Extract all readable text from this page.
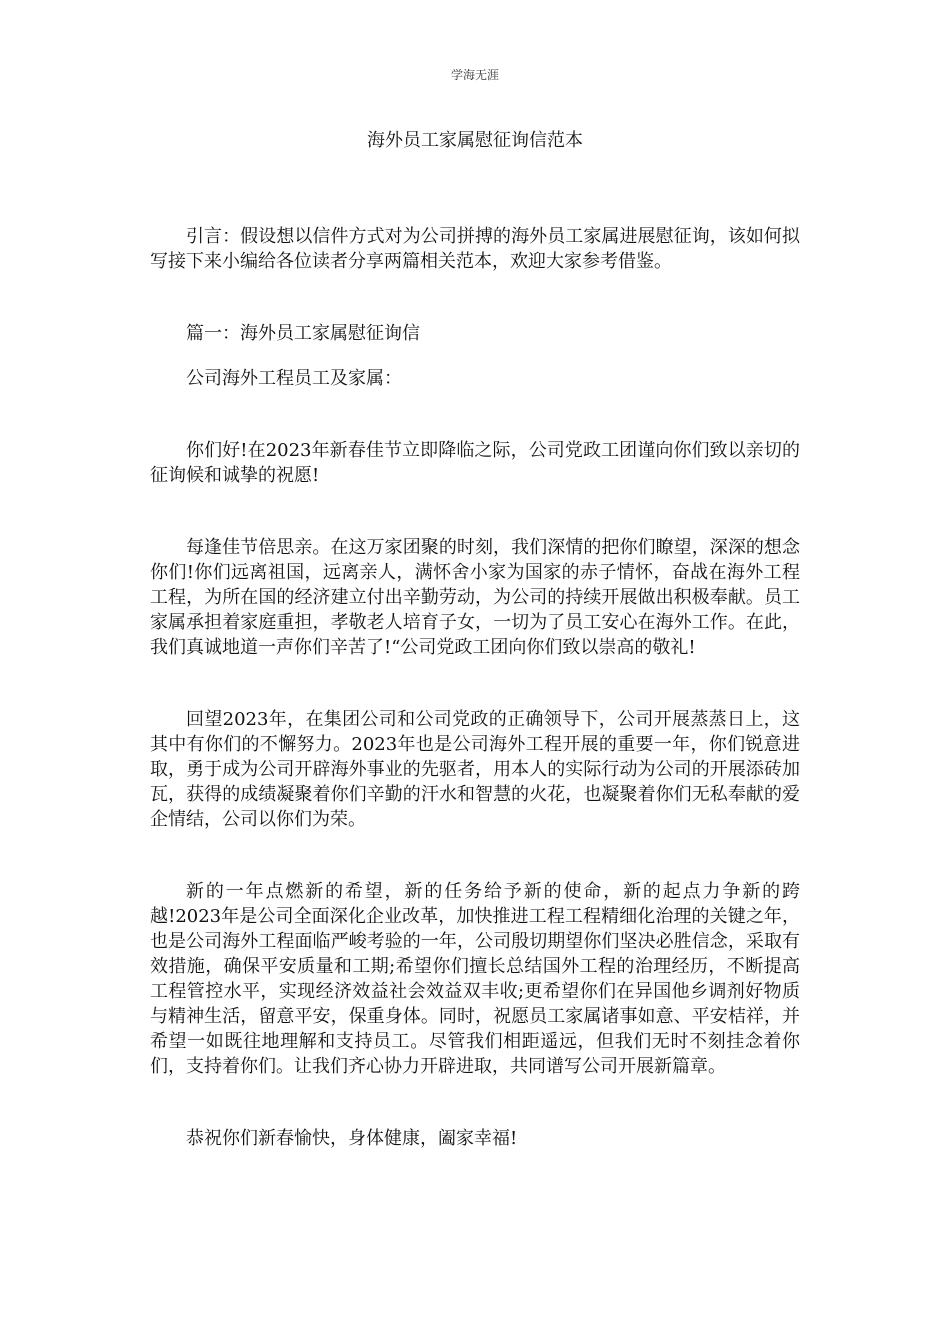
学海无涯
海外员工家属慰征询信范本

引言：假设想以信件方式对为公司拼搏的海外员工家属进展慰征询，该如何拟写接下来小编给各位读者分享两篇相关范本，欢迎大家参考借鉴。

篇一：海外员工家属慰征询信

公司海外工程员工及家属：

你们好!在2023年新春佳节立即降临之际，公司党政工团谨向你们致以亲切的征询候和诚挚的祝愿!

每逢佳节倍思亲。在这万家团聚的时刻，我们深情的把你们瞭望，深深的想念你们!你们远离祖国，远离亲人，满怀舍小家为国家的赤子情怀，奋战在海外工程工程，为所在国的经济建立付出辛勤劳动，为公司的持续开展做出积极奉献。员工家属承担着家庭重担，孝敬老人培育子女，一切为了员工安心在海外工作。在此，我们真诚地道一声你们辛苦了!“公司党政工团向你们致以崇高的敬礼!

回望2023年，在集团公司和公司党政的正确领导下，公司开展蒸蒸日上，这其中有你们的不懈努力。2023年也是公司海外工程开展的重要一年，你们锐意进取，勇于成为公司开辟海外事业的先驱者，用本人的实际行动为公司的开展添砖加瓦，获得的成绩凝聚着你们辛勤的汗水和智慧的火花，也凝聚着你们无私奉献的爱企情结，公司以你们为荣。

新的一年点燃新的希望，新的任务给予新的使命，新的起点力争新的跨越!2023年是公司全面深化企业改革，加快推进工程工程精细化治理的关键之年，也是公司海外工程面临严峻考验的一年，公司殷切期望你们坚决必胜信念，采取有效措施，确保平安质量和工期;希望你们擅长总结国外工程的治理经历，不断提高工程管控水平，实现经济效益社会效益双丰收;更希望你们在异国他乡调剂好物质与精神生活，留意平安，保重身体。同时，祝愿员工家属诸事如意、平安桔祥，并希望一如既往地理解和支持员工。尽管我们相距遥远，但我们无时不刻挂念着你们，支持着你们。让我们齐心协力开辟进取，共同谱写公司开展新篇章。

恭祝你们新春愉快，身体健康，阖家幸福!
